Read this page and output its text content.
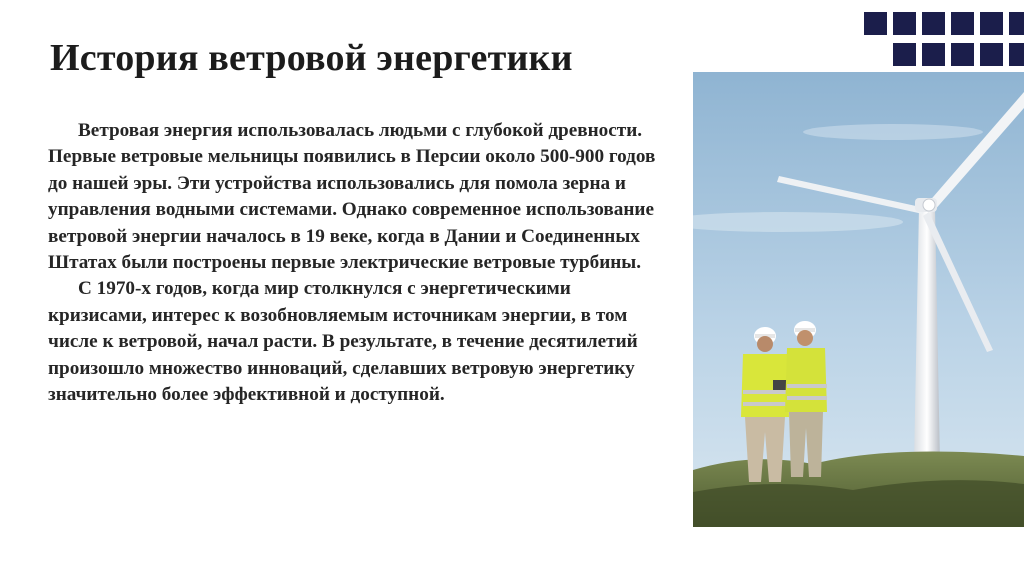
История ветровой энергетики

Ветровая энергия использовалась людьми с глубокой древности. Первые ветровые мельницы появились в Персии около 500-900 годов до нашей эры. Эти устройства использовались для помола зерна и управления водными системами. Однако современное использование ветровой энергии началось в 19 веке, когда в Дании и Соединенных Штатах были построены первые электрические ветровые турбины.

С 1970-х годов, когда мир столкнулся с энергетическими кризисами, интерес к возобновляемым источникам энергии, в том числе к ветровой, начал расти. В результате, в течение десятилетий произошло множество инноваций, сделавших ветровую энергетику значительно более эффективной и доступной.
